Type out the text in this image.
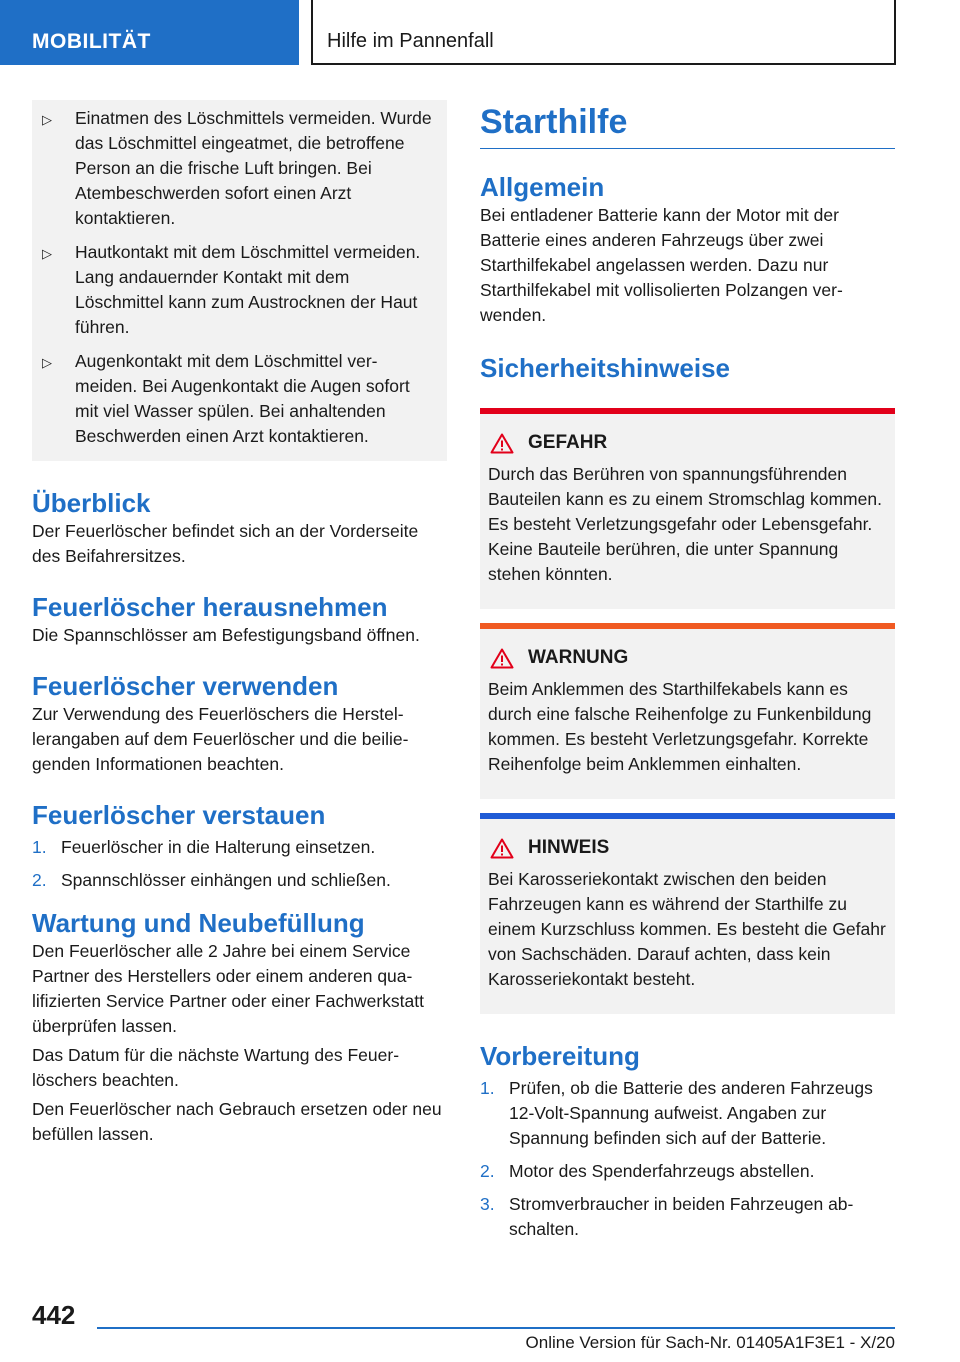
MOBILITÄT	Hilfe im Pannenfall
▷	Einatmen des Löschmittels vermeiden. Wurde das Löschmittel eingeatmet, die betroffene Person an die frische Luft bringen. Bei Atembeschwerden sofort einen Arzt kontaktieren.
▷	Hautkontakt mit dem Löschmittel vermeiden. Lang andauernder Kontakt mit dem Löschmittel kann zum Austrocknen der Haut führen.
▷	Augenkontakt mit dem Löschmittel vermeiden. Bei Augenkontakt die Augen sofort mit viel Wasser spülen. Bei anhaltenden Beschwerden einen Arzt kontaktieren.
Überblick

Der Feuerlöscher befindet sich an der Vorderseite des Beifahrersitzes.

Feuerlöscher herausnehmen

Die Spannschlösser am Befestigungsband öffnen.

Feuerlöscher verwenden

Zur Verwendung des Feuerlöschers die Herstellerangaben auf dem Feuerlöscher und die beiliegenden Informationen beachten.

Feuerlöscher verstauen
1. Feuerlöscher in die Halterung einsetzen.
2. Spannschlösser einhängen und schließen.
Wartung und Neubefüllung

Den Feuerlöscher alle 2 Jahre bei einem Service Partner des Herstellers oder einem anderen qualifizierten Service Partner oder einer Fachwerkstatt überprüfen lassen.

Das Datum für die nächste Wartung des Feuerlöschers beachten.

Den Feuerlöscher nach Gebrauch ersetzen oder neu befüllen lassen.

Starthilfe
Allgemein

Bei entladener Batterie kann der Motor mit der Batterie eines anderen Fahrzeugs über zwei Starthilfekabel angelassen werden. Dazu nur Starthilfekabel mit vollisolierten Polzangen verwenden.

Sicherheitshinweise
GEFAHR

Durch das Berühren von spannungsführenden Bauteilen kann es zu einem Stromschlag kommen. Es besteht Verletzungsgefahr oder Lebensgefahr. Keine Bauteile berühren, die unter Spannung stehen könnten.

WARNUNG

Beim Anklemmen des Starthilfekabels kann es durch eine falsche Reihenfolge zu Funkenbildung kommen. Es besteht Verletzungsgefahr. Korrekte Reihenfolge beim Anklemmen einhalten.

HINWEIS

Bei Karosseriekontakt zwischen den beiden Fahrzeugen kann es während der Starthilfe zu einem Kurzschluss kommen. Es besteht die Gefahr von Sachschäden. Darauf achten, dass kein Karosseriekontakt besteht.

Vorbereitung
1. Prüfen, ob die Batterie des anderen Fahrzeugs 12-Volt-Spannung aufweist. Angaben zur Spannung befinden sich auf der Batterie.
2. Motor des Spenderfahrzeugs abstellen.
3. Stromverbraucher in beiden Fahrzeugen abschalten.
442
Online Version für Sach-Nr. 01405A1F3E1 - X/20
